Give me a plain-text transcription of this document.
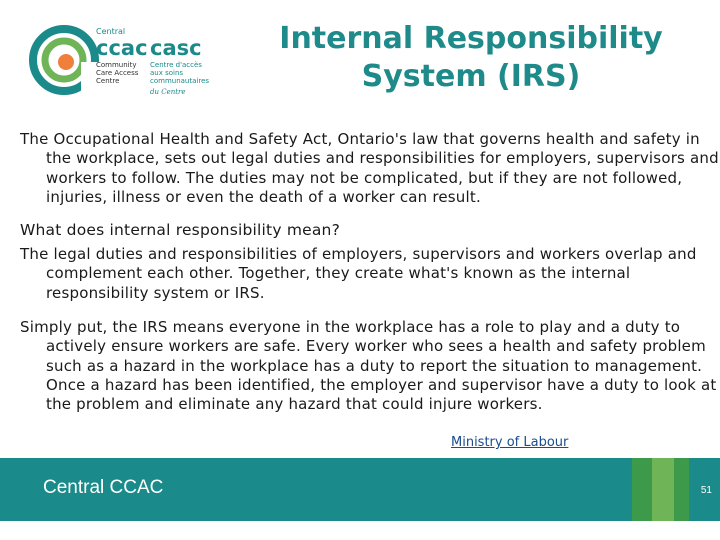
Central
ccac casc
Community
Care Access
Centre
Centre d'accès
aux soins
communautaires
du Centre
Internal Responsibility
System (IRS)
The Occupational Health and Safety Act, Ontario's law that governs health and safety in the workplace, sets out legal duties and responsibilities for employers, supervisors and workers to follow. The duties may not be complicated, but if they are not followed, injuries, illness or even the death of a worker can result.
What does internal responsibility mean?
The legal duties and responsibilities of employers, supervisors and workers overlap and complement each other. Together, they create what's known as the internal responsibility system or IRS.
Simply put, the IRS means everyone in the workplace has a role to play and a duty to actively ensure workers are safe. Every worker who sees a health and safety problem such as a hazard in the workplace has a duty to report the situation to management. Once a hazard has been identified, the employer and supervisor have a duty to look at the problem and eliminate any hazard that could injure workers.
Ministry of Labour
Central CCAC	51
